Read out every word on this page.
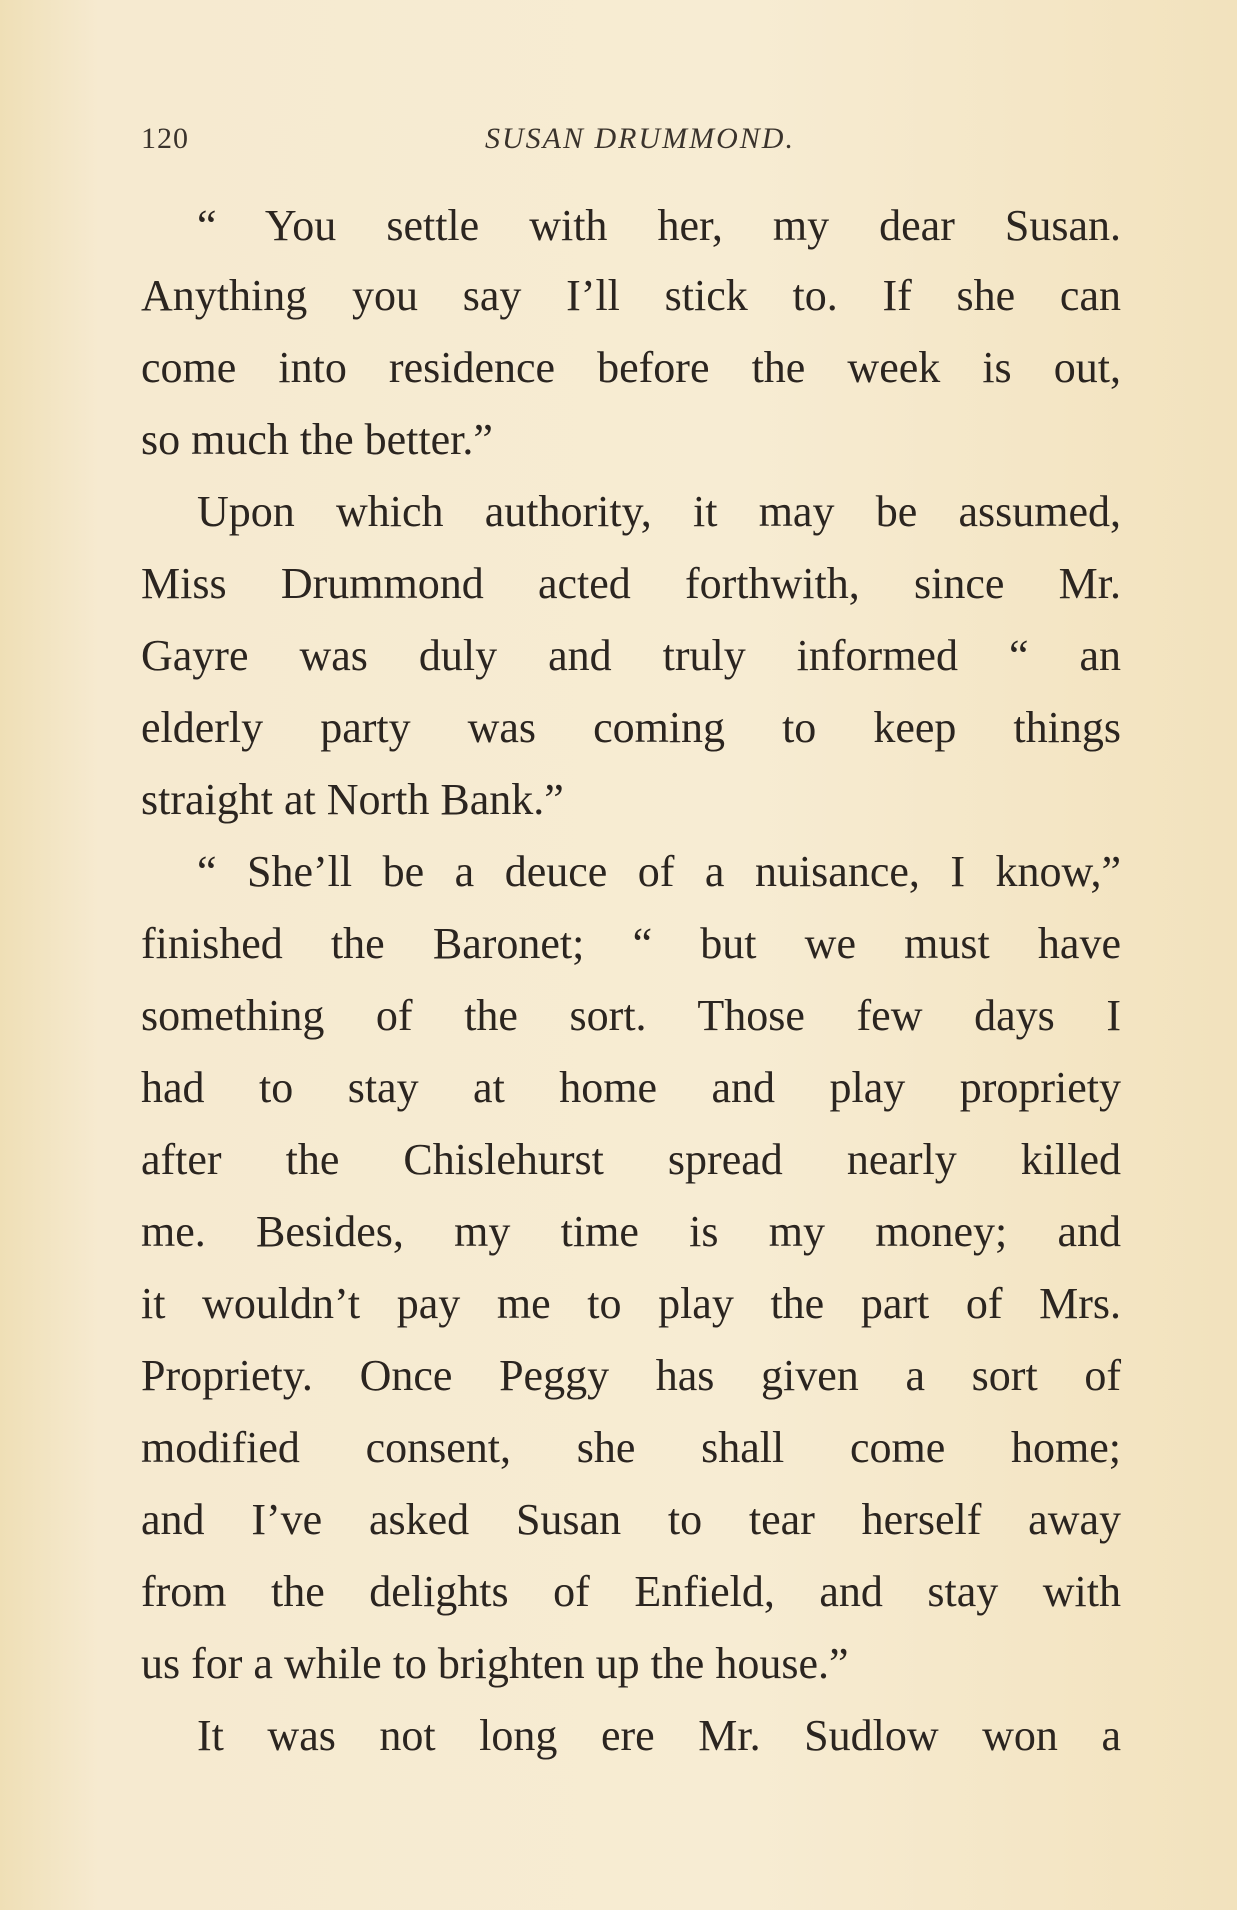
120	SUSAN DRUMMOND.
“ You settle with her, my dear Susan.
Anything you say I’ll stick to. If she can
come into residence before the week is out,
so much the better.”
Upon which authority, it may be assumed,
Miss Drummond acted forthwith, since Mr.
Gayre was duly and truly informed “ an
elderly party was coming to keep things
straight at North Bank.”
“ She’ll be a deuce of a nuisance, I know,”
finished the Baronet; “ but we must have
something of the sort. Those few days I
had to stay at home and play propriety
after the Chislehurst spread nearly killed
me. Besides, my time is my money; and
it wouldn’t pay me to play the part of Mrs.
Propriety. Once Peggy has given a sort of
modified consent, she shall come home;
and I’ve asked Susan to tear herself away
from the delights of Enfield, and stay with
us for a while to brighten up the house.”
It was not long ere Mr. Sudlow won a
